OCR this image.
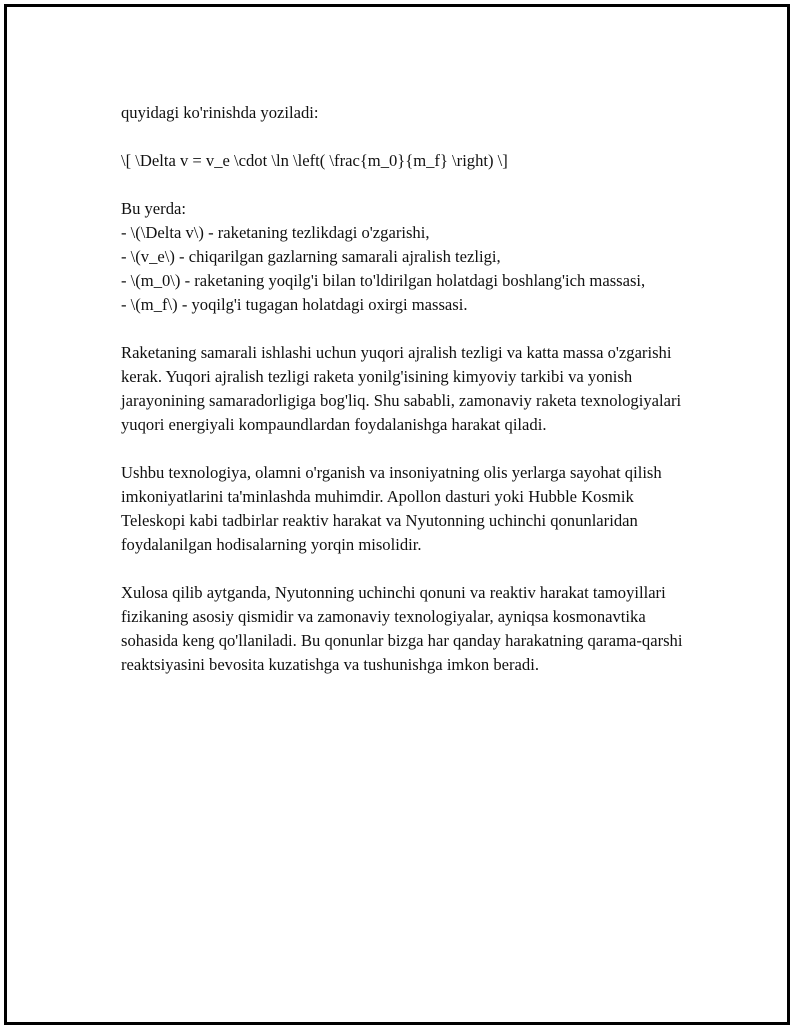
quyidagi ko'rinishda yoziladi:

\[ \Delta v = v_e \cdot \ln \left( \frac{m_0}{m_f} \right) \]

Bu yerda:

- \(\Delta v\) - raketaning tezlikdagi o'zgarishi,

- \(v_e\) - chiqarilgan gazlarning samarali ajralish tezligi,

- \(m_0\) - raketaning yoqilg'i bilan to'ldirilgan holatdagi boshlang'ich massasi,

- \(m_f\) - yoqilg'i tugagan holatdagi oxirgi massasi.

Raketaning samarali ishlashi uchun yuqori ajralish tezligi va katta massa o'zgarishi kerak. Yuqori ajralish tezligi raketa yonilg'isining kimyoviy tarkibi va yonish jarayonining samaradorligiga bog'liq. Shu sababli, zamonaviy raketa texnologiyalari yuqori energiyali kompaundlardan foydalanishga harakat qiladi.

Ushbu texnologiya, olamni o'rganish va insoniyatning olis yerlarga sayohat qilish imkoniyatlarini ta'minlashda muhimdir. Apollon dasturi yoki Hubble Kosmik Teleskopi kabi tadbirlar reaktiv harakat va Nyutonning uchinchi qonunlaridan foydalanilgan hodisalarning yorqin misolidir.

Xulosa qilib aytganda, Nyutonning uchinchi qonuni va reaktiv harakat tamoyillari fizikaning asosiy qismidir va zamonaviy texnologiyalar, ayniqsa kosmonavtika sohasida keng qo'llaniladi. Bu qonunlar bizga har qanday harakatning qarama-qarshi reaktsiyasini bevosita kuzatishga va tushunishga imkon beradi.
